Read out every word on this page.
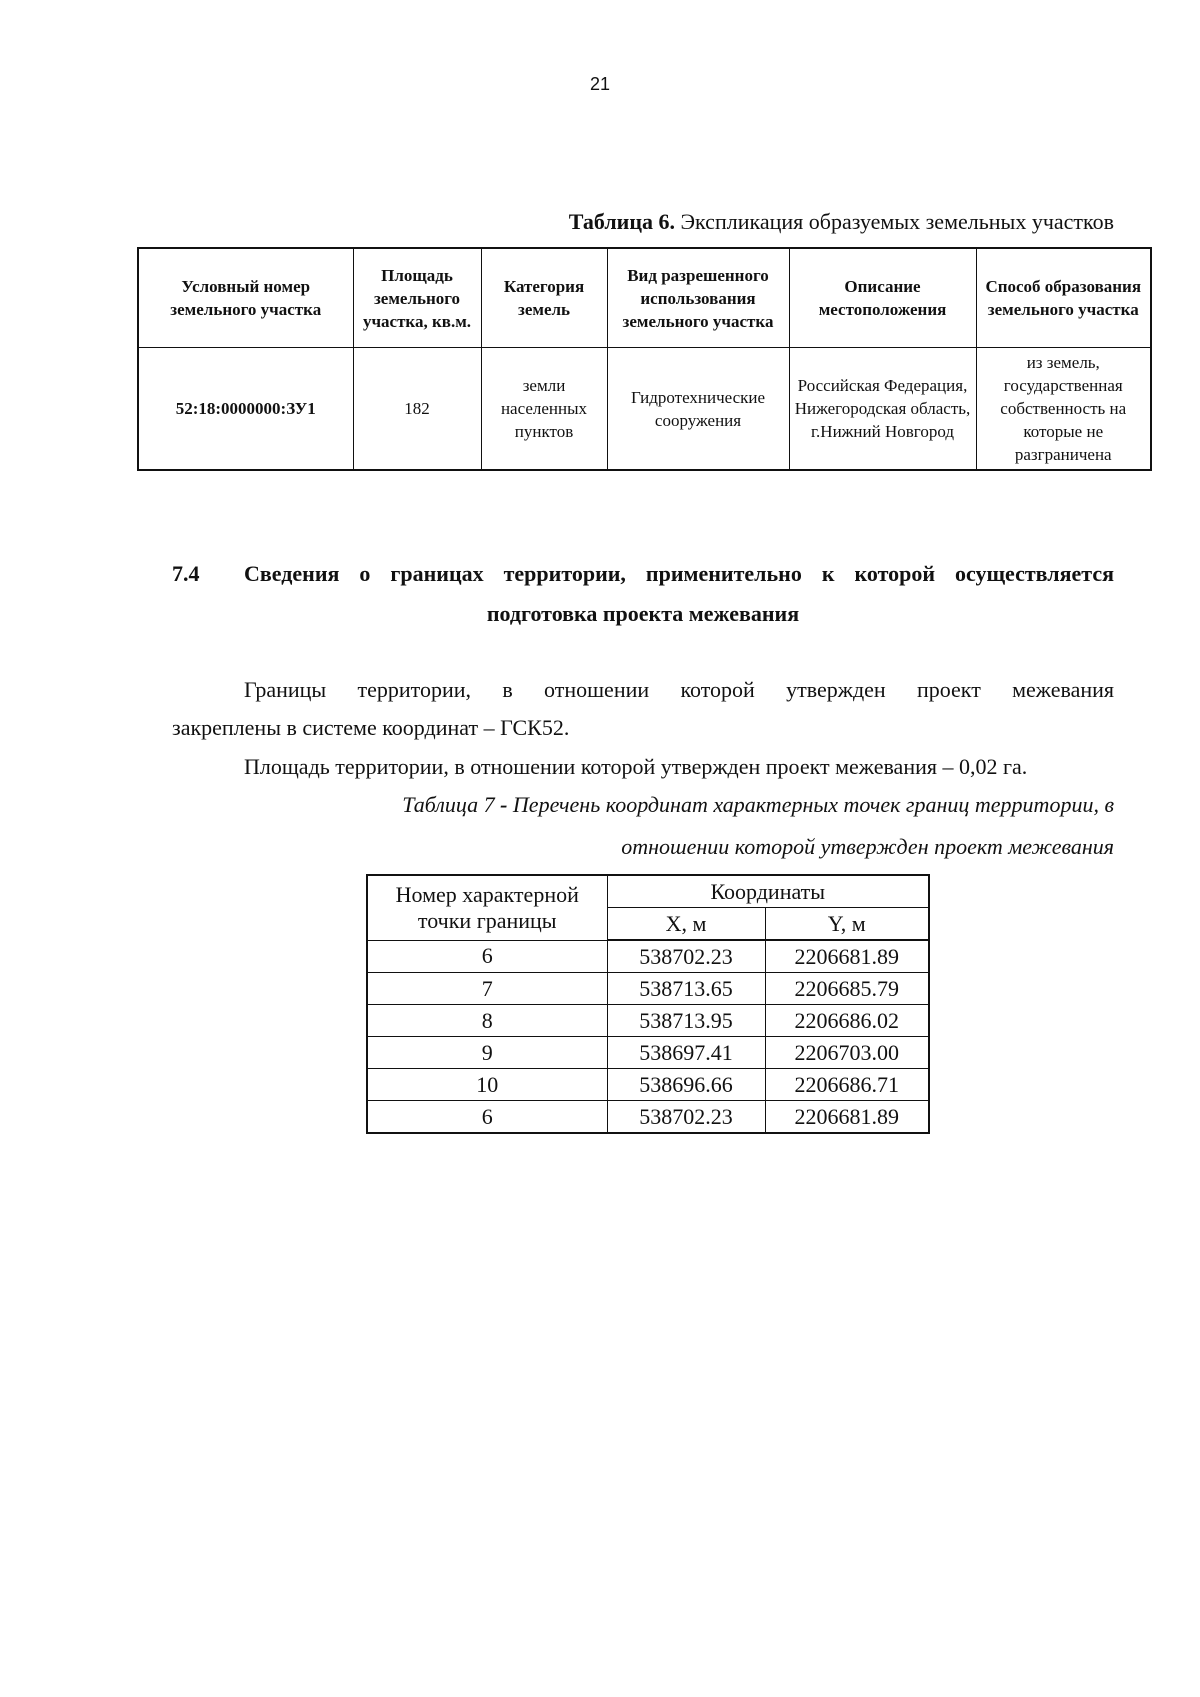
21
Таблица 6. Экспликация образуемых земельных участков
Условный номер земельного участка	Площадь земельного участка, кв.м.	Категория земель	Вид разрешенного использования земельного участка	Описание местоположения	Способ образования земельного участка
52:18:0000000:ЗУ1	182	земли населенных пунктов	Гидротехнические сооружения	Российская Федерация, Нижегородская область, г.Нижний Новгород	из земель, государственная собственность на которые не разграничена
7.4 Сведения о границах территории, применительно к которой осуществляется
подготовка проекта межевания
Границы территории, в отношении которой утвержден проект межевания
закреплены в системе координат – ГСК52.
Площадь территории, в отношении которой утвержден проект межевания – 0,02 га.
Таблица 7 - Перечень координат характерных точек границ территории, в
отношении которой утвержден проект межевания
Номер характерной точки границы	Координаты	
	X, м	Y, м
6	538702.23	2206681.89
7	538713.65	2206685.79
8	538713.95	2206686.02
9	538697.41	2206703.00
10	538696.66	2206686.71
6	538702.23	2206681.89
